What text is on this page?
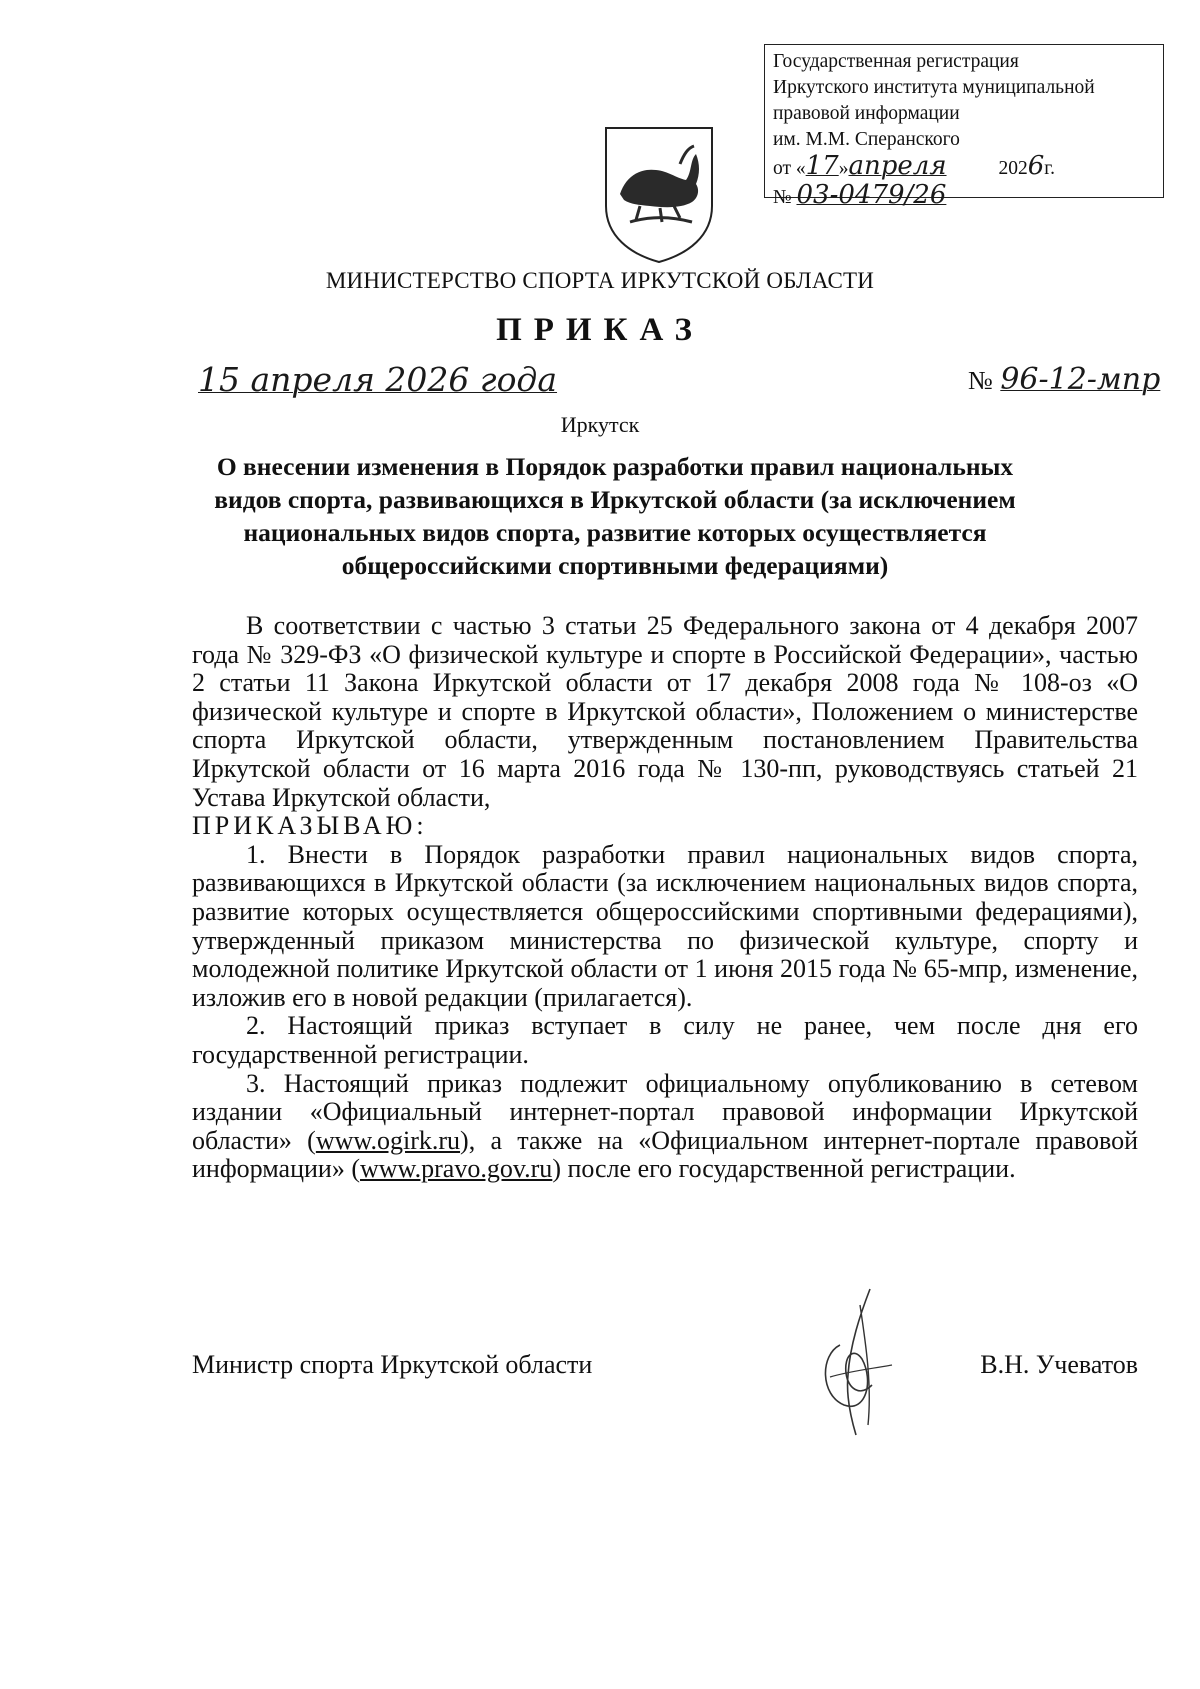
Государственная регистрация
Иркутского института муниципальной
правовой информации
им. М.М. Сперанского
от «17»апреля	2026г.
№ 03-0479/26
МИНИСТЕРСТВО СПОРТА ИРКУТСКОЙ ОБЛАСТИ
ПРИКАЗ
15 апреля 2026 года	№ 96-12-мпр
Иркутск
О внесении изменения в Порядок разработки правил национальных видов спорта, развивающихся в Иркутской области (за исключением национальных видов спорта, развитие которых осуществляется общероссийскими спортивными федерациями)

В соответствии с частью 3 статьи 25 Федерального закона от 4 декабря 2007 года № 329-ФЗ «О физической культуре и спорте в Российской Федерации», частью 2 статьи 11 Закона Иркутской области от 17 декабря 2008 года № 108-оз «О физической культуре и спорте в Иркутской области», Положением о министерстве спорта Иркутской области, утвержденным постановлением Правительства Иркутской области от 16 марта 2016 года № 130-пп, руководствуясь статьей 21 Устава Иркутской области,

ПРИКАЗЫВАЮ:

1. Внести в Порядок разработки правил национальных видов спорта, развивающихся в Иркутской области (за исключением национальных видов спорта, развитие которых осуществляется общероссийскими спортивными федерациями), утвержденный приказом министерства по физической культуре, спорту и молодежной политике Иркутской области от 1 июня 2015 года № 65-мпр, изменение, изложив его в новой редакции (прилагается).

2. Настоящий приказ вступает в силу не ранее, чем после дня его государственной регистрации.

3. Настоящий приказ подлежит официальному опубликованию в сетевом издании «Официальный интернет-портал правовой информации Иркутской области» (www.ogirk.ru), а также на «Официальном интернет-портале правовой информации» (www.pravo.gov.ru) после его государственной регистрации.

Министр спорта Иркутской области	В.Н. Учеватов
